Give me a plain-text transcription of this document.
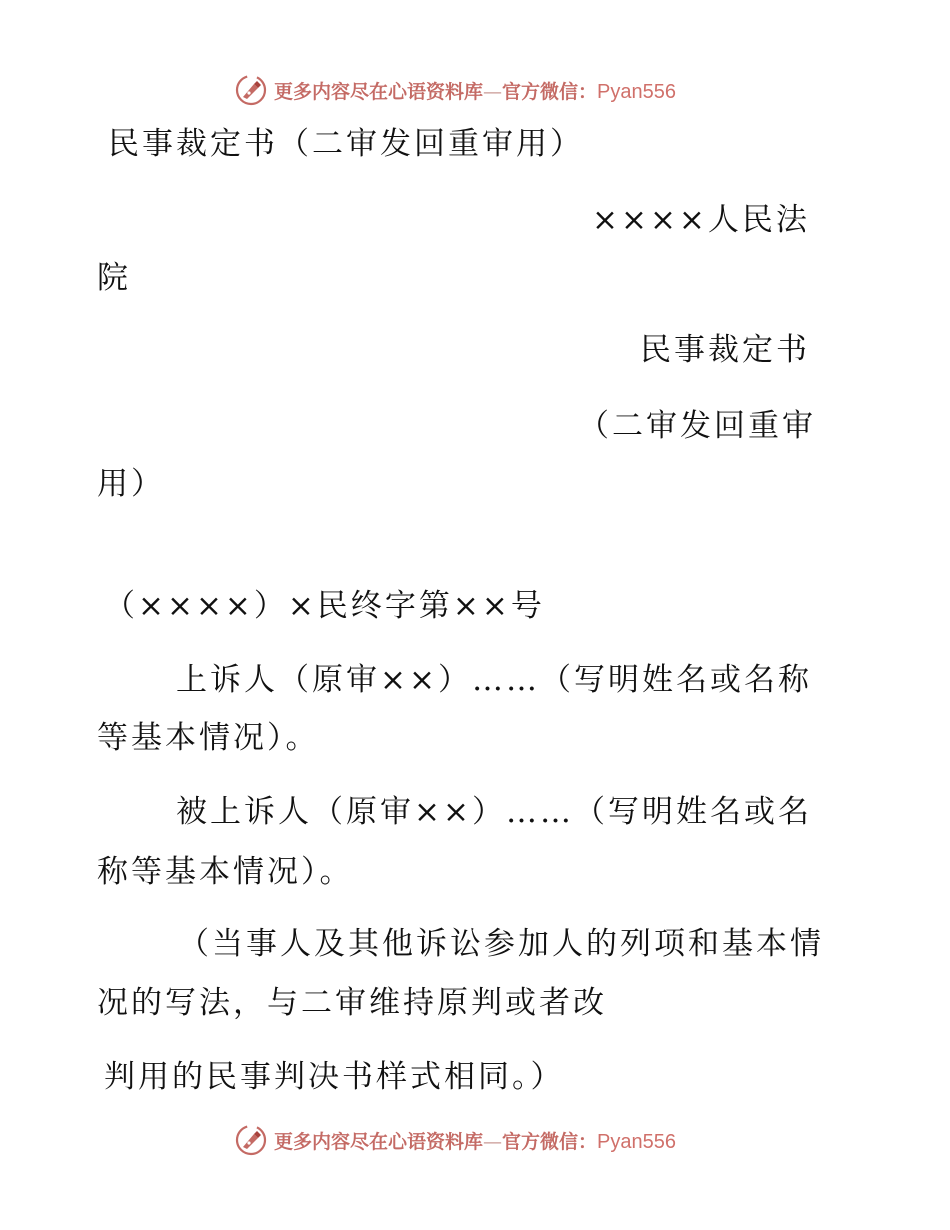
更多内容尽在心语资料库—官方微信：Pyan556
民事裁定书（二审发回重审用）
××××人民法
院
民事裁定书
（二审发回重审
用）
（××××）×民终字第××号
上诉人（原审××）……（写明姓名或名称
等基本情况）。
被上诉人（原审××）……（写明姓名或名
称等基本情况）。
（当事人及其他诉讼参加人的列项和基本情
况的写法，与二审维持原判或者改
判用的民事判决书样式相同。）
更多内容尽在心语资料库—官方微信：Pyan556
